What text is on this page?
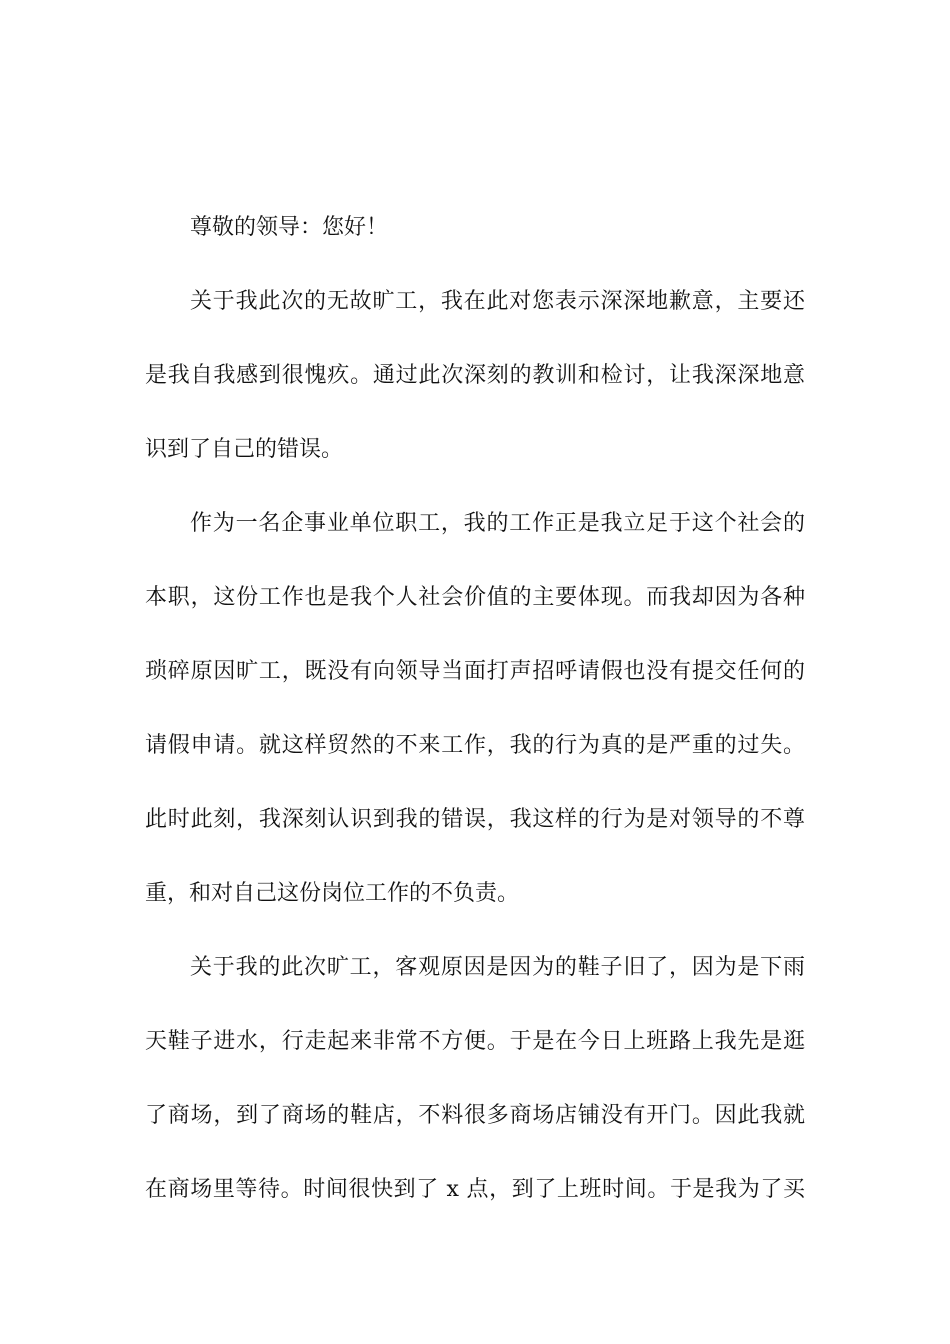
尊敬的领导：您好！

关于我此次的无故旷工，我在此对您表示深深地歉意，主要还

是我自我感到很愧疚。通过此次深刻的教训和检讨，让我深深地意

识到了自己的错误。

作为一名企事业单位职工，我的工作正是我立足于这个社会的

本职，这份工作也是我个人社会价值的主要体现。而我却因为各种

琐碎原因旷工，既没有向领导当面打声招呼请假也没有提交任何的

请假申请。就这样贸然的不来工作，我的行为真的是严重的过失。

此时此刻，我深刻认识到我的错误，我这样的行为是对领导的不尊

重，和对自己这份岗位工作的不负责。

关于我的此次旷工，客观原因是因为的鞋子旧了，因为是下雨

天鞋子进水，行走起来非常不方便。于是在今日上班路上我先是逛

了商场，到了商场的鞋店，不料很多商场店铺没有开门。因此我就

在商场里等待。时间很快到了 x 点，到了上班时间。于是我为了买
